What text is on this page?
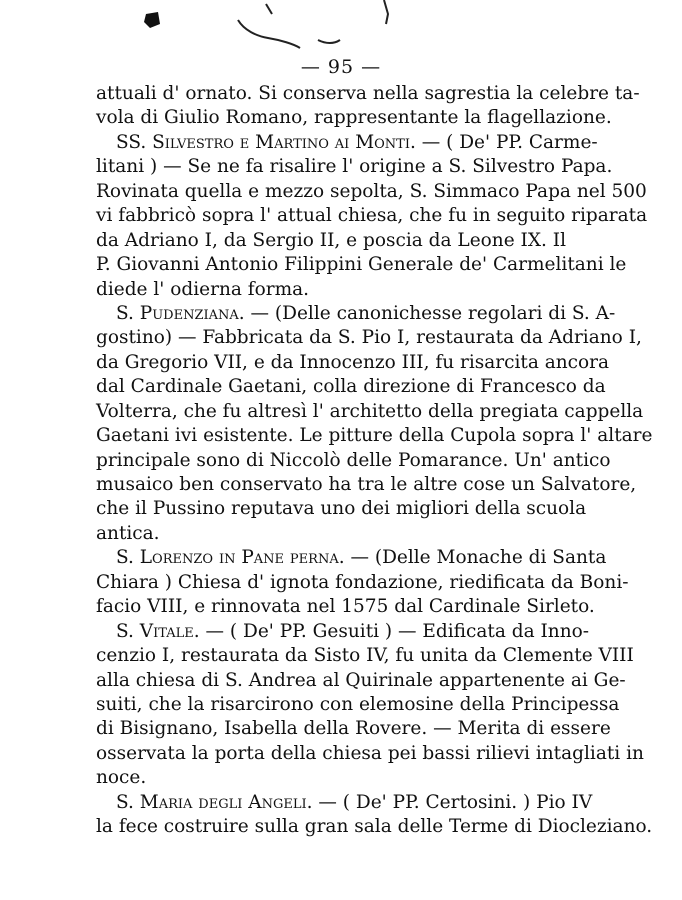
— 95 —
attuali d' ornato. Si conserva nella sagrestia la celebre ta-
vola di Giulio Romano, rappresentante la flagellazione.
SS. Silvestro e Martino ai Monti. — ( De' PP. Carme-
litani ) — Se ne fa risalire l' origine a S. Silvestro Papa.
Rovinata quella e mezzo sepolta, S. Simmaco Papa nel 500
vi fabbricò sopra l' attual chiesa, che fu in seguito riparata
da Adriano I, da Sergio II, e poscia da Leone IX. Il
P. Giovanni Antonio Filippini Generale de' Carmelitani le
diede l' odierna forma.
S. Pudenziana. — (Delle canonichesse regolari di S. A-
gostino) — Fabbricata da S. Pio I, restaurata da Adriano I,
da Gregorio VII, e da Innocenzo III, fu risarcita ancora
dal Cardinale Gaetani, colla direzione di Francesco da
Volterra, che fu altresì l' architetto della pregiata cappella
Gaetani ivi esistente. Le pitture della Cupola sopra l' altare
principale sono di Niccolò delle Pomarance. Un' antico
musaico ben conservato ha tra le altre cose un Salvatore,
che il Pussino reputava uno dei migliori della scuola
antica.
S. Lorenzo in Pane perna. — (Delle Monache di Santa
Chiara ) Chiesa d' ignota fondazione, riedificata da Boni-
facio VIII, e rinnovata nel 1575 dal Cardinale Sirleto.
S. Vitale. — ( De' PP. Gesuiti ) — Edificata da Inno-
cenzio I, restaurata da Sisto IV, fu unita da Clemente VIII
alla chiesa di S. Andrea al Quirinale appartenente ai Ge-
suiti, che la risarcirono con elemosine della Principessa
di Bisignano, Isabella della Rovere. — Merita di essere
osservata la porta della chiesa pei bassi rilievi intagliati in
noce.
S. Maria degli Angeli. — ( De' PP. Certosini. ) Pio IV
la fece costruire sulla gran sala delle Terme di Diocleziano.
